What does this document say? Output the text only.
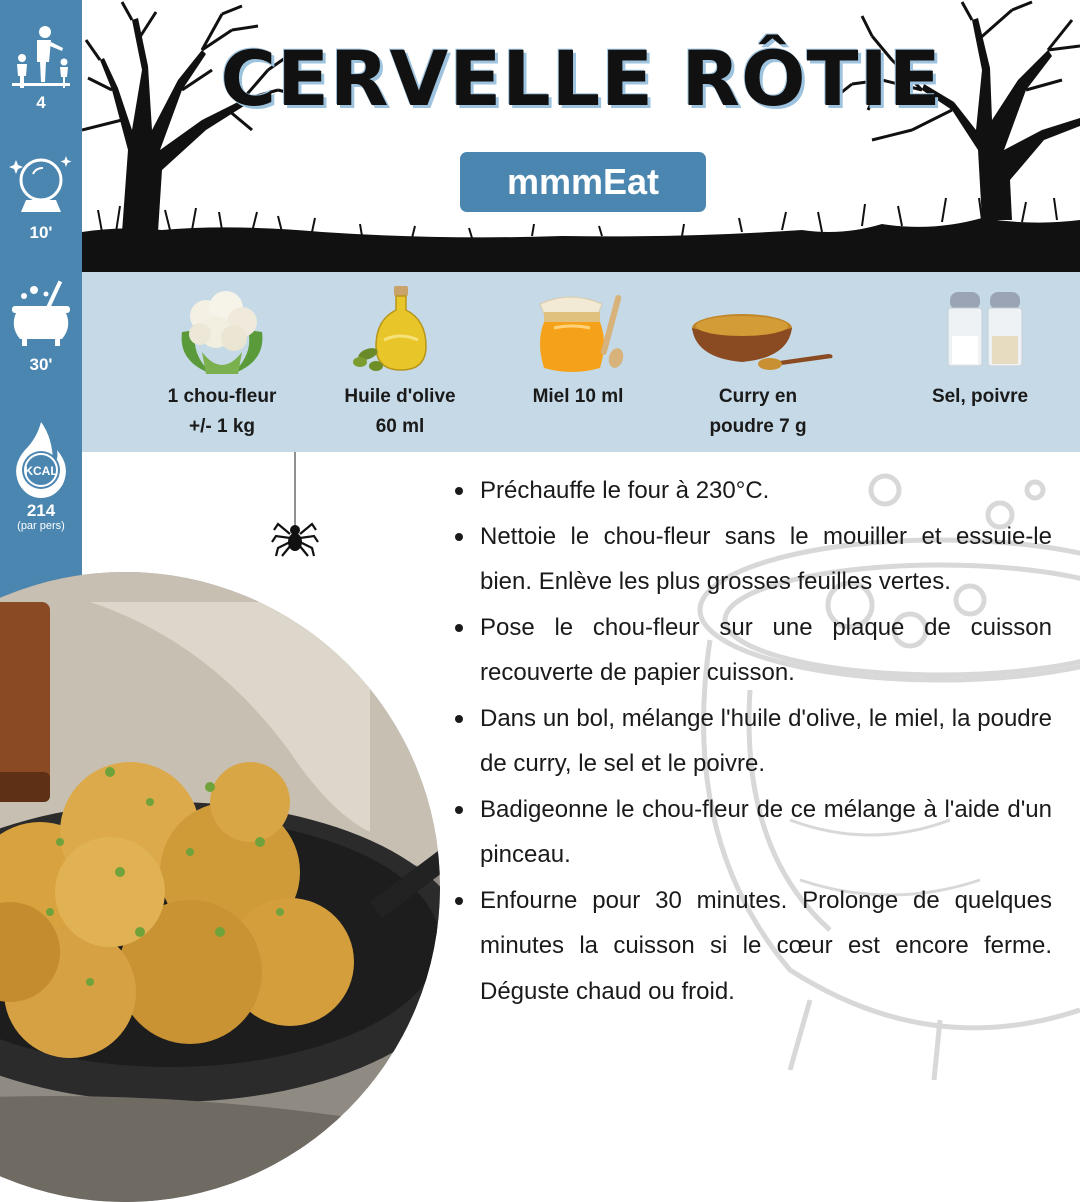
4
10'
30'
KCAL
214
(par pers)
CERVELLE RÔTIE
mmmEat
1 chou-fleur
+/- 1 kg
Huile d'olive
60 ml
Miel 10 ml	Curry en
poudre 7 g
Sel, poivre
Préchauffe le four à 230°C.
Nettoie le chou-fleur sans le mouiller et essuie-le bien. Enlève les plus grosses feuilles vertes.
Pose le chou-fleur sur une plaque de cuisson recouverte de papier cuisson.
Dans un bol, mélange l'huile d'olive, le miel, la poudre de curry, le sel et le poivre.
Badigeonne le chou-fleur de ce mélange à l'aide d'un pinceau.
Enfourne pour 30 minutes. Prolonge de quelques minutes la cuisson si le cœur est encore ferme. Déguste chaud ou froid.
